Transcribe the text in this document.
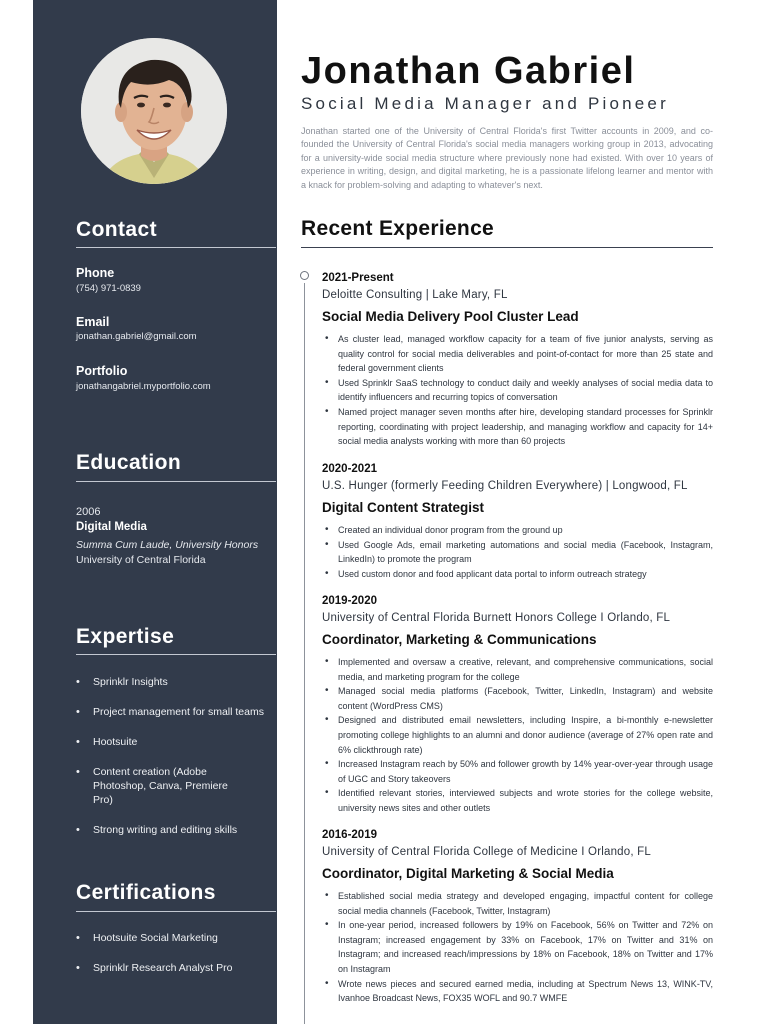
Contact
Phone
(754) 971-0839
Email
jonathan.gabriel@gmail.com
Portfolio
jonathangabriel.myportfolio.com
Education
2006
Digital Media
Summa Cum Laude, University Honors
University of Central Florida
Expertise
• Sprinklr Insights
• Project management for small teams
• Hootsuite
• Content creation (Adobe Photoshop, Canva, Premiere Pro)
• Strong writing and editing skills
Certifications
• Hootsuite Social Marketing
• Sprinklr Research Analyst Pro
Jonathan Gabriel
Social Media Manager and Pioneer
Jonathan started one of the University of Central Florida's first Twitter accounts in 2009, and co-founded the University of Central Florida's social media managers working group in 2013, advocating for a university-wide social media structure where previously none had existed. With over 10 years of experience in writing, design, and digital marketing, he is a passionate lifelong learner and mentor with a knack for problem-solving and adapting to whatever's next.
Recent Experience
2021-Present
Deloitte Consulting | Lake Mary, FL
Social Media Delivery Pool Cluster Lead
• As cluster lead, managed workflow capacity for a team of five junior analysts, serving as quality control for social media deliverables and point-of-contact for more than 25 state and federal government clients
• Used Sprinklr SaaS technology to conduct daily and weekly analyses of social media data to identify influencers and recurring topics of conversation
• Named project manager seven months after hire, developing standard processes for Sprinklr reporting, coordinating with project leadership, and managing workflow and capacity for 14+ social media analysts working with more than 60 projects
2020-2021
U.S. Hunger (formerly Feeding Children Everywhere) | Longwood, FL
Digital Content Strategist
• Created an individual donor program from the ground up
• Used Google Ads, email marketing automations and social media (Facebook, Instagram, LinkedIn) to promote the program
• Used custom donor and food applicant data portal to inform outreach strategy
2019-2020
University of Central Florida Burnett Honors College I Orlando, FL
Coordinator, Marketing & Communications
• Implemented and oversaw a creative, relevant, and comprehensive communications, social media, and marketing program for the college
• Managed social media platforms (Facebook, Twitter, LinkedIn, Instagram) and website content (WordPress CMS)
• Designed and distributed email newsletters, including Inspire, a bi-monthly e-newsletter promoting college highlights to an alumni and donor audience (average of 27% open rate and 6% clickthrough rate)
• Increased Instagram reach by 50% and follower growth by 14% year-over-year through usage of UGC and Story takeovers
• Identified relevant stories, interviewed subjects and wrote stories for the college website, university news sites and other outlets
2016-2019
University of Central Florida College of Medicine I Orlando, FL
Coordinator, Digital Marketing & Social Media
• Established social media strategy and developed engaging, impactful content for college social media channels (Facebook, Twitter, Instagram)
• In one-year period, increased followers by 19% on Facebook, 56% on Twitter and 72% on Instagram; increased engagement by 33% on Facebook, 17% on Twitter and 31% on Instagram; and increased reach/impressions by 18% on Facebook, 18% on Twitter and 17% on Instagram
• Wrote news pieces and secured earned media, including at Spectrum News 13, WINK-TV, Ivanhoe Broadcast News, FOX35 WOFL and 90.7 WMFE
